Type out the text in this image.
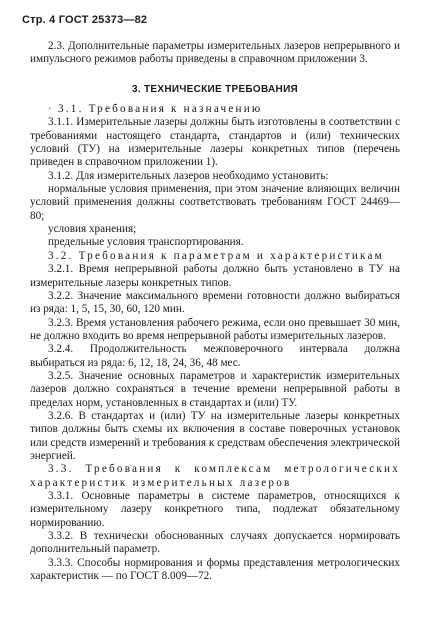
Стр. 4 ГОСТ 25373—82

2.3. Дополнительные параметры измерительных лазеров непрерывного и импульсного режимов работы приведены в справочном приложении 3.

3. ТЕХНИЧЕСКИЕ ТРЕБОВАНИЯ

· 3.1. Требования к назначению

3.1.1. Измерительные лазеры должны быть изготовлены в соответствии с требованиями настоящего стандарта, стандартов и (или) технических условий (ТУ) на измерительные лазеры конкретных типов (перечень приведен в справочном приложении 1).

3.1.2. Для измерительных лазеров необходимо установить:

нормальные условия применения, при этом значение влияющих величин условий применения должны соответствовать требованиям ГОСТ 24469—80;

условия хранения;

предельные условия транспортирования.

3.2. Требования к параметрам и характеристикам

3.2.1. Время непрерывной работы должно быть установлено в ТУ на измерительные лазеры конкретных типов.

3.2.2. Значение максимального времени готовности должно выбираться из ряда: 1, 5, 15, 30, 60, 120 мин.

3.2.3. Время установления рабочего режима, если оно превышает 30 мин, не должно входить во время непрерывной работы измерительных лазеров.

3.2.4. Продолжительность межповерочного интервала должна выбираться из ряда: 6, 12, 18, 24, 36, 48 мес.

3.2.5. Значение основных параметров и характеристик измерительных лазеров должно сохраняться в течение времени непрерывной работы в пределах норм, установленных в стандартах и (или) ТУ.

3.2.6. В стандартах и (или) ТУ на измерительные лазеры конкретных типов должны быть схемы их включения в составе поверочных установок или средств измерений и требования к средствам обеспечения электрической энергией.

3.3. Требования к комплексам метрологических характеристик измерительных лазеров

3.3.1. Основные параметры в системе параметров, относящихся к измерительному лазеру конкретного типа, подлежат обязательному нормированию.

3.3.2. В технически обоснованных случаях допускается нормировать дополнительный параметр.

3.3.3. Способы нормирования и формы представления метрологических характеристик — по ГОСТ 8.009—72.
